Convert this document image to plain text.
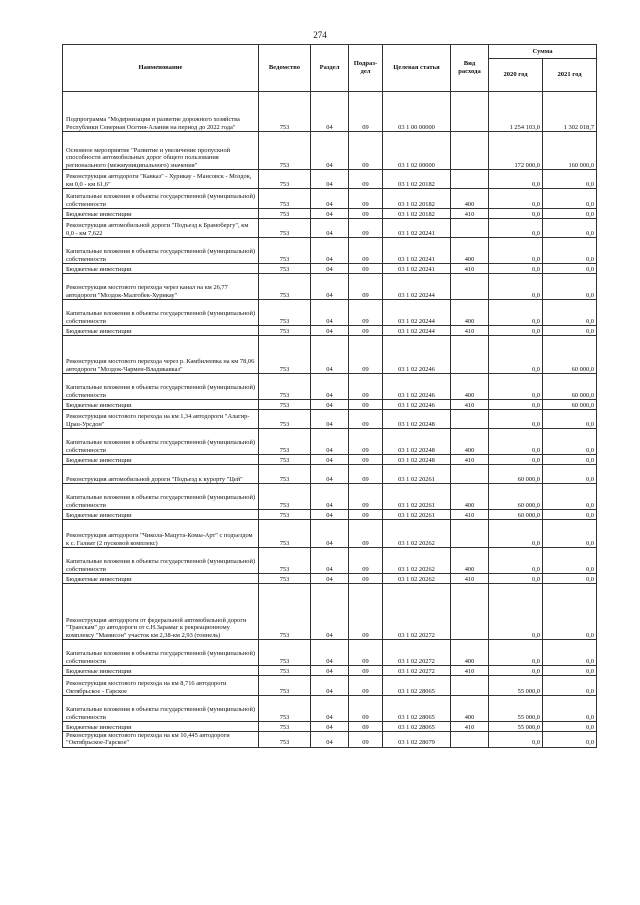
274
Наименование	Ведомство	Раздел	Подраз-дел	Целевая статья	Вид расхода	Сумма	
						2020 год	2021 год
Подпрограмма "Модернизация и развитие дорожного хозяйства Республики Северная Осетия-Алания на период до 2022 года"	753	04	09	03 1 00 00000		1 254 103,0	1 302 018,7
Основное мероприятие "Развитие и увеличение пропускной способности автомобильных дорог общего пользования регионального (межмуниципального) значения"	753	04	09	03 1 02 00000		172 000,0	160 000,0
Реконструкция автодороги "Кавказ" - Хурикау - Мансовск - Моздок, км 0,0 - км 61,6"	753	04	09	03 1 02 20182		0,0	0,0
Капитальные вложения в объекты государственной (муниципальной) собственности	753	04	09	03 1 02 20182	400	0,0	0,0
Бюджетные инвестиции	753	04	09	03 1 02 20182	410	0,0	0,0
Реконструкция автомобильной дороги "Подъезд к Брамобергу", км 0,0 - км 7,622	753	04	09	03 1 02 20241		0,0	0,0
Капитальные вложения в объекты государственной (муниципальной) собственности	753	04	09	03 1 02 20241	400	0,0	0,0
Бюджетные инвестиции	753	04	09	03 1 02 20241	410	0,0	0,0
Реконструкция мостового перехода через канал на км 26,77 автодороги "Моздок-Малгобек-Хурикау"	753	04	09	03 1 02 20244		0,0	0,0
Капитальные вложения в объекты государственной (муниципальной) собственности	753	04	09	03 1 02 20244	400	0,0	0,0
Бюджетные инвестиции	753	04	09	03 1 02 20244	410	0,0	0,0
Реконструкция мостового перехода через р. Камбилеевка на км 78,06 автодороги "Моздок-Чармен-Владикавказ"	753	04	09	03 1 02 20246		0,0	60 000,0
Капитальные вложения в объекты государственной (муниципальной) собственности	753	04	09	03 1 02 20246	400	0,0	60 000,0
Бюджетные инвестиции	753	04	09	03 1 02 20246	410	0,0	60 000,0
Реконструкция мостового перехода на км 1,34 автодороги "Алагир-Цраu-Урсдон"	753	04	09	03 1 02 20248		0,0	0,0
Капитальные вложения в объекты государственной (муниципальной) собственности	753	04	09	03 1 02 20248	400	0,0	0,0
Бюджетные инвестиции	753	04	09	03 1 02 20248	410	0,0	0,0
Реконструкция автомобильной дороги "Подъезд к курорту "Цей"	753	04	09	03 1 02 20261		60 000,0	0,0
Капитальные вложения в объекты государственной (муниципальной) собственности	753	04	09	03 1 02 20261	400	60 000,0	0,0
Бюджетные инвестиции	753	04	09	03 1 02 20261	410	60 000,0	0,0
Реконструкция автодороги "Чиколa-Мацута-Комы-Арт" с подъездом к с. Галиат (2 пусковой комплекс)	753	04	09	03 1 02 20262		0,0	0,0
Капитальные вложения в объекты государственной (муниципальной) собственности	753	04	09	03 1 02 20262	400	0,0	0,0
Бюджетные инвестиции	753	04	09	03 1 02 20262	410	0,0	0,0
Реконструкция автодороги от федеральной автомобильной дороги "Транскам" до автодороги от с.Н.Зарамаг к рекреационному комплексу "Мамисон" участок км 2,38-км 2,93 (тоннель)	753	04	09	03 1 02 20272		0,0	0,0
Капитальные вложения в объекты государственной (муниципальной) собственности	753	04	09	03 1 02 20272	400	0,0	0,0
Бюджетные инвестиции	753	04	09	03 1 02 20272	410	0,0	0,0
Реконструкция мостового перехода на км 8,716 автодороги Октябрьское - Гарское	753	04	09	03 1 02 28065		55 000,0	0,0
Капитальные вложения в объекты государственной (муниципальной) собственности	753	04	09	03 1 02 28065	400	55 000,0	0,0
Бюджетные инвестиции	753	04	09	03 1 02 28065	410	55 000,0	0,0
Реконструкция мостового перехода на км 10,445 автодороги "Октябрьское-Гарское"	753	04	09	03 1 02 28079		0,0	0,0
